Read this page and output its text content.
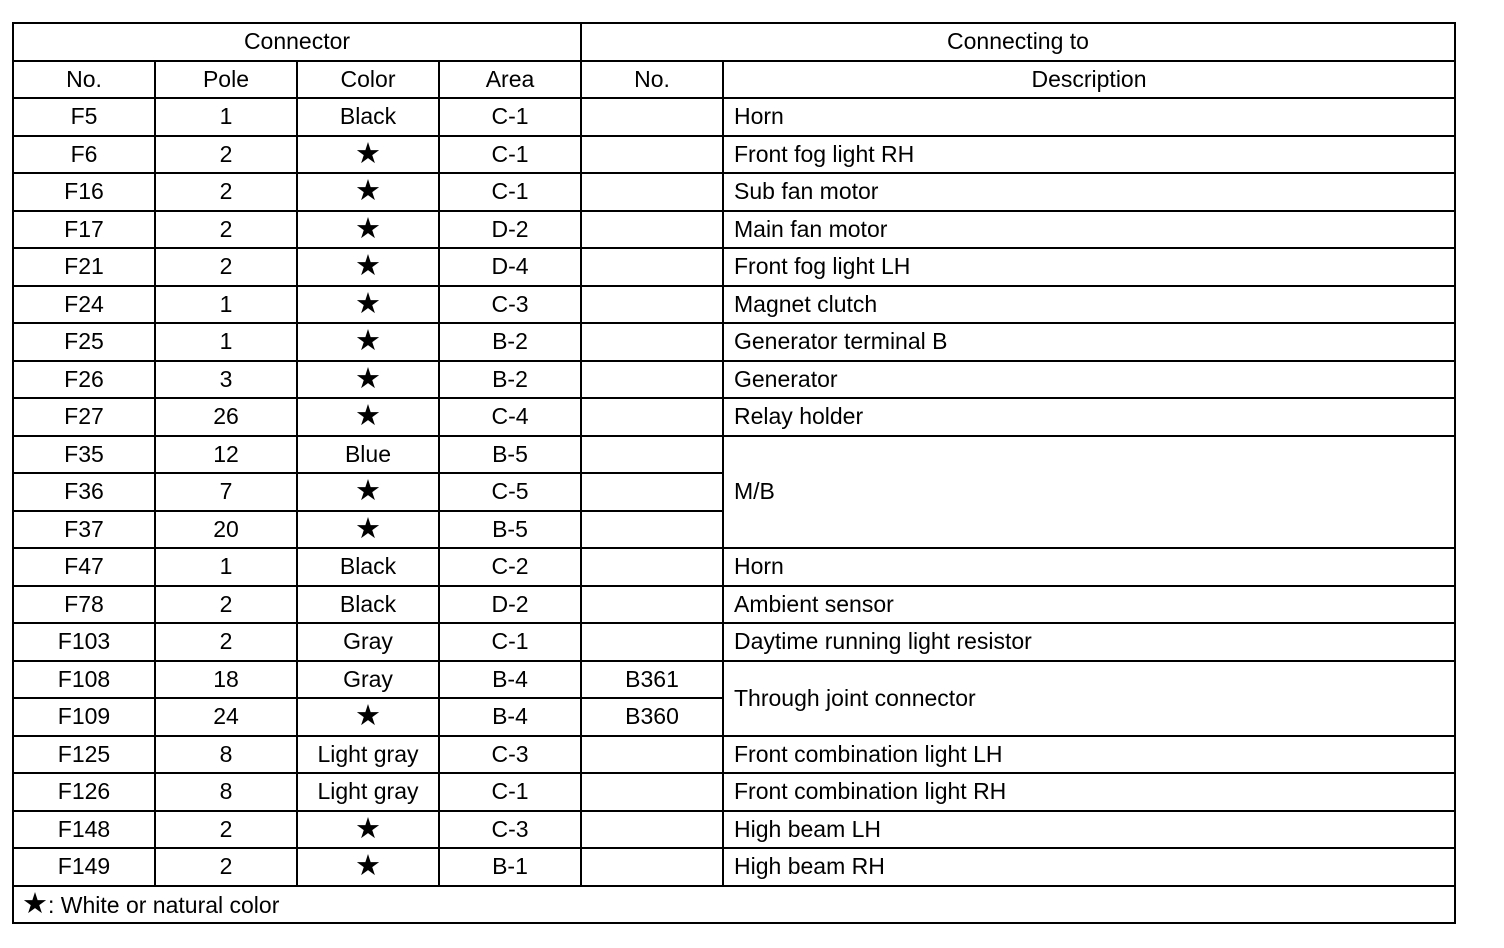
Connector				Connecting to	
No.	Pole	Color	Area	No.	Description
F5	1	Black	C-1		Horn
F6	2	★	C-1		Front fog light RH
F16	2	★	C-1		Sub fan motor
F17	2	★	D-2		Main fan motor
F21	2	★	D-4		Front fog light LH
F24	1	★	C-3		Magnet clutch
F25	1	★	B-2		Generator terminal B
F26	3	★	B-2		Generator
F27	26	★	C-4		Relay holder
F35	12	Blue	B-5		M/B
F36	7	★	C-5		
F37	20	★	B-5		
F47	1	Black	C-2		Horn
F78	2	Black	D-2		Ambient sensor
F103	2	Gray	C-1		Daytime running light resistor
F108	18	Gray	B-4	B361	Through joint connector
F109	24	★	B-4	B360	
F125	8	Light gray	C-3		Front combination light LH
F126	8	Light gray	C-1		Front combination light RH
F148	2	★	C-3		High beam LH
F149	2	★	B-1		High beam RH
★: White or natural color					
